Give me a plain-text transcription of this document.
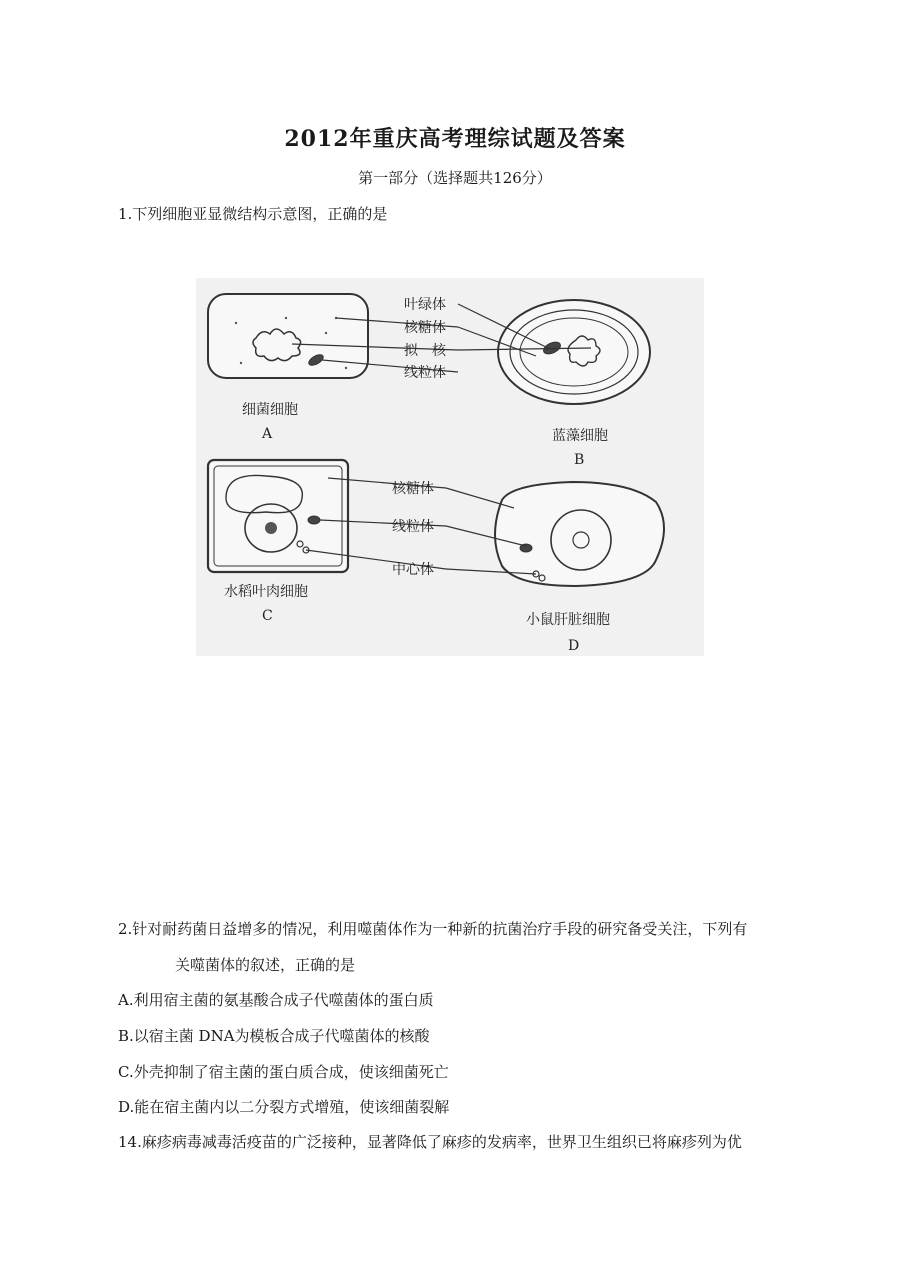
2012年重庆高考理综试题及答案
第一部分（选择题共126分）
1.下列细胞亚显微结构示意图，正确的是
叶绿体
核糖体
拟　核
线粒体
核糖体
线粒体
中心体
细菌细胞
A	蓝藻细胞
B
水稻叶肉细胞
C	小鼠肝脏细胞
D
2.针对耐药菌日益增多的情况，利用噬菌体作为一种新的抗菌治疗手段的研究备受关注，下列有
关噬菌体的叙述，正确的是
A.利用宿主菌的氨基酸合成子代噬菌体的蛋白质
B.以宿主菌 DNA为模板合成子代噬菌体的核酸
C.外壳抑制了宿主菌的蛋白质合成，使该细菌死亡
D.能在宿主菌内以二分裂方式增殖，使该细菌裂解
14.麻疹病毒减毒活疫苗的广泛接种，显著降低了麻疹的发病率，世界卫生组织已将麻疹列为优
